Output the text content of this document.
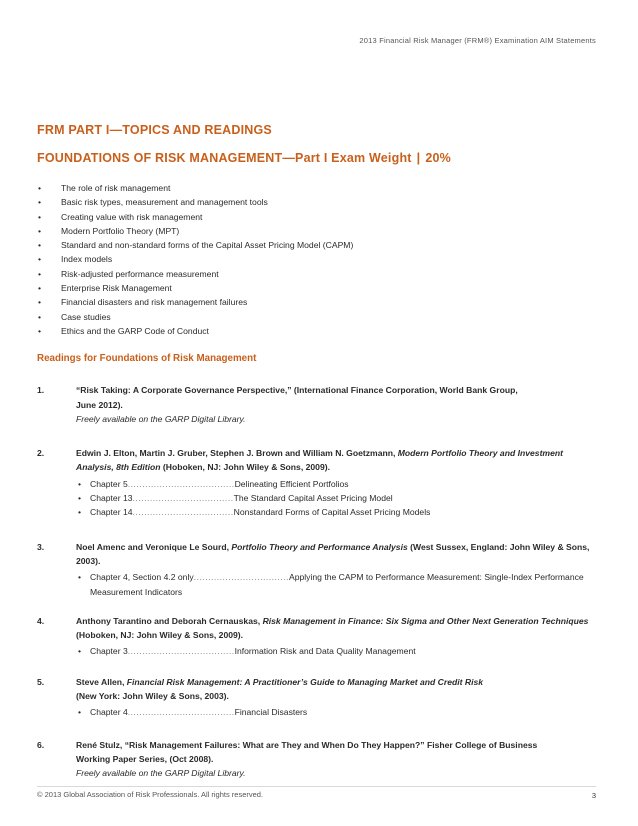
2013 Financial Risk Manager (FRM®) Examination AIM Statements
FRM PART I—TOPICS AND READINGS
FOUNDATIONS OF RISK MANAGEMENT—Part I Exam Weight | 20%
• The role of risk management
• Basic risk types, measurement and management tools
• Creating value with risk management
• Modern Portfolio Theory (MPT)
• Standard and non-standard forms of the Capital Asset Pricing Model (CAPM)
• Index models
• Risk-adjusted performance measurement
• Enterprise Risk Management
• Financial disasters and risk management failures
• Case studies
• Ethics and the GARP Code of Conduct
Readings for Foundations of Risk Management
1.	“Risk Taking: A Corporate Governance Perspective,” (International Finance Corporation, World Bank Group,
June 2012).
Freely available on the GARP Digital Library.
2.	Edwin J. Elton, Martin J. Gruber, Stephen J. Brown and William N. Goetzmann, Modern Portfolio Theory and Investment Analysis, 8th Edition (Hoboken, NJ: John Wiley & Sons, 2009).
• Chapter 5.....................................Delineating Efficient Portfolios
• Chapter 13...................................The Standard Capital Asset Pricing Model
• Chapter 14...................................Nonstandard Forms of Capital Asset Pricing Models
3.	Noel Amenc and Veronique Le Sourd, Portfolio Theory and Performance Analysis (West Sussex, England: John Wiley & Sons, 2003).
• Chapter 4, Section 4.2 only.................................Applying the CAPM to Performance Measurement: Single-Index Performance Measurement Indicators
4.	Anthony Tarantino and Deborah Cernauskas, Risk Management in Finance: Six Sigma and Other Next Generation Techniques (Hoboken, NJ: John Wiley & Sons, 2009).
• Chapter 3.....................................Information Risk and Data Quality Management
5.	Steve Allen, Financial Risk Management: A Practitioner’s Guide to Managing Market and Credit Risk
(New York: John Wiley & Sons, 2003).
• Chapter 4.....................................Financial Disasters
6.	René Stulz, “Risk Management Failures: What are They and When Do They Happen?” Fisher College of Business
Working Paper Series, (Oct 2008).
Freely available on the GARP Digital Library.
© 2013 Global Association of Risk Professionals. All rights reserved.	3
